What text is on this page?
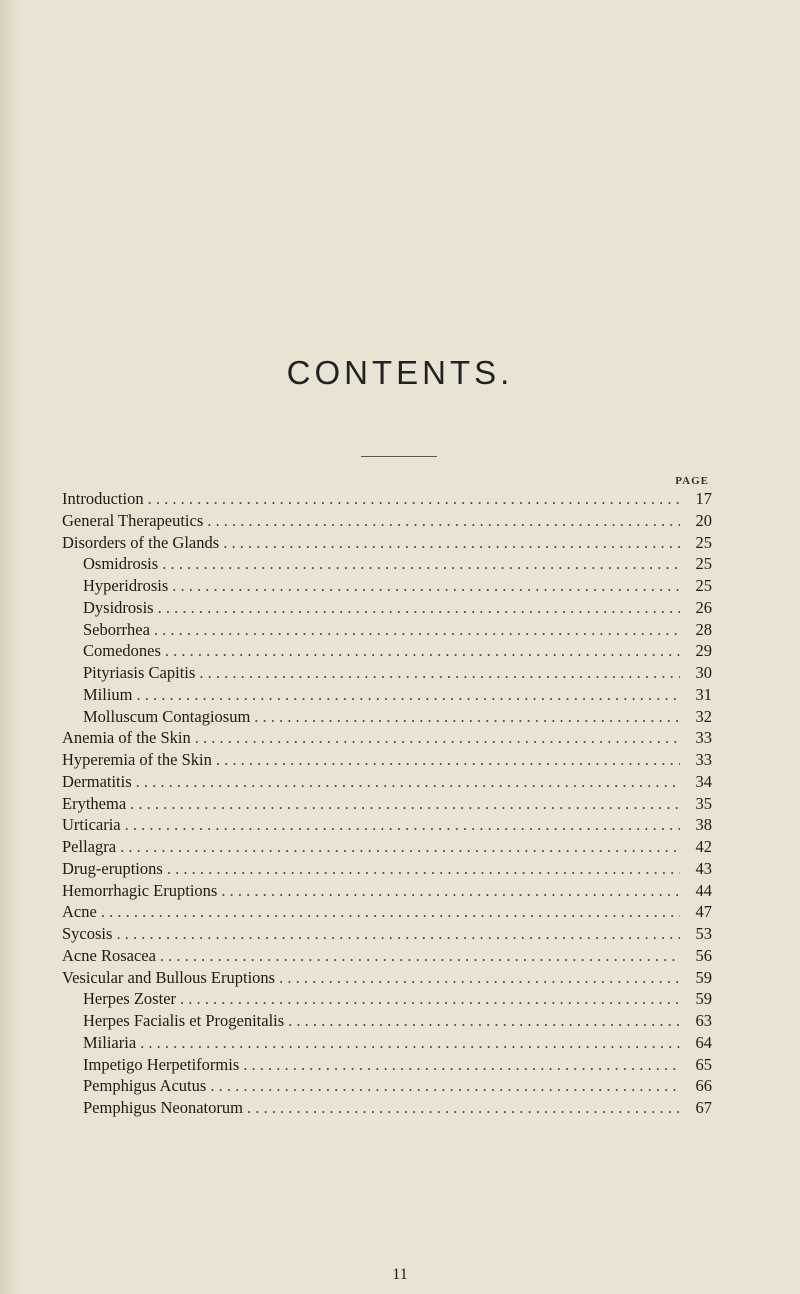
CONTENTS.
PAGE
Introduction . . .	17
General Therapeutics . . .	20
Disorders of the Glands . . .	25
Osmidrosis . . .	25
Hyperidrosis . . .	25
Dysidrosis . . .	26
Seborrhea . . .	28
Comedones . . .	29
Pityriasis Capitis . . .	30
Milium . . .	31
Molluscum Contagiosum . . .	32
Anemia of the Skin . . .	33
Hyperemia of the Skin . . .	33
Dermatitis . . .	34
Erythema . . .	35
Urticaria . . .	38
Pellagra . . .	42
Drug-eruptions . . .	43
Hemorrhagic Eruptions . . .	44
Acne . . .	47
Sycosis . . .	53
Acne Rosacea . . .	56
Vesicular and Bullous Eruptions . . .	59
Herpes Zoster . . .	59
Herpes Facialis et Progenitalis . . .	63
Miliaria . . .	64
Impetigo Herpetiformis . . .	65
Pemphigus Acutus . . .	66
Pemphigus Neonatorum . . .	67
11
